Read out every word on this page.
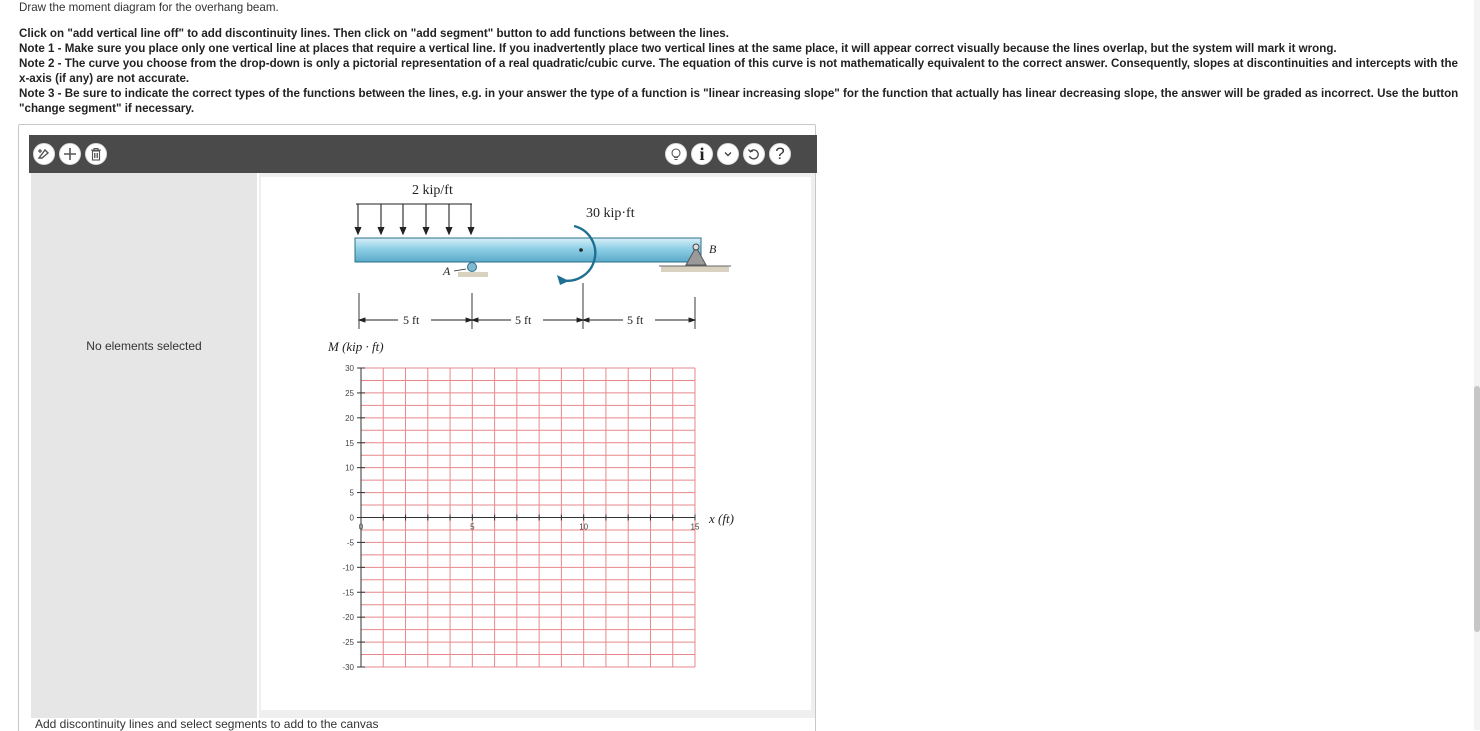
Draw the moment diagram for the overhang beam.

Click on "add vertical line off" to add discontinuity lines. Then click on "add segment" button to add functions between the lines.

Note 1 - Make sure you place only one vertical line at places that require a vertical line. If you inadvertently place two vertical lines at the same place, it will appear correct visually because the lines overlap, but the system will mark it wrong.

Note 2 - The curve you choose from the drop-down is only a pictorial representation of a real quadratic/cubic curve. The equation of this curve is not mathematically equivalent to the correct answer. Consequently, slopes at discontinuities and intercepts with the x-axis (if any) are not accurate.

Note 3 - Be sure to indicate the correct types of the functions between the lines, e.g. in your answer the type of a function is "linear increasing slope" for the function that actually has linear decreasing slope, the answer will be graded as incorrect. Use the button "change segment" if necessary.

i	?
No elements selected
2 kip/ft
30 kip·ft
A
B
5 ft	5 ft	5 ft
M (kip · ft)
x (ft)
30
25
20
15
10
5
0
-5
-10
-15
-20
-25
-30
0	5	10	15
Add discontinuity lines and select segments to add to the canvas
